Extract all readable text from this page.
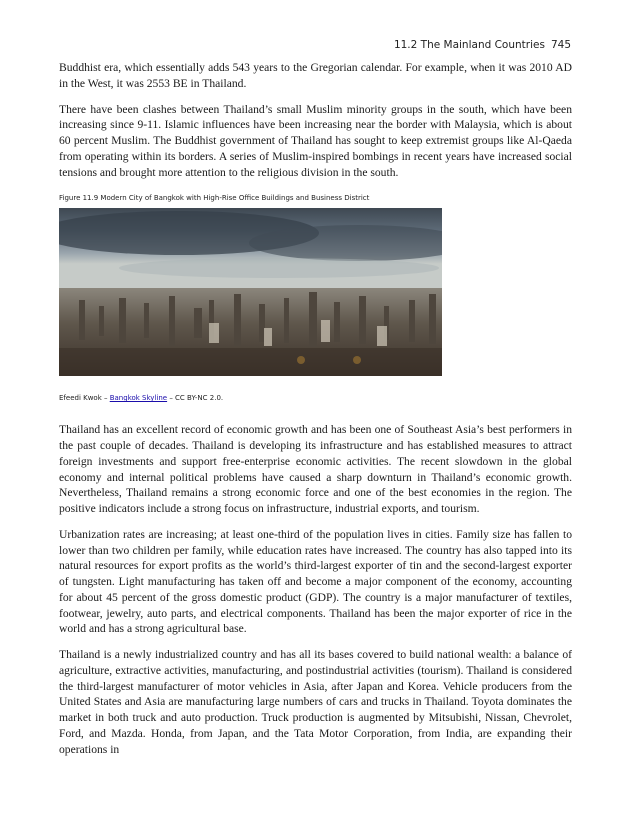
11.2 The Mainland Countries 745

Buddhist era, which essentially adds 543 years to the Gregorian calendar. For example, when it was 2010 AD in the West, it was 2553 BE in Thailand.

There have been clashes between Thailand’s small Muslim minority groups in the south, which have been increasing since 9-11. Islamic influences have been increasing near the border with Malaysia, which is about 60 percent Muslim. The Buddhist government of Thailand has sought to keep extremist groups like Al-Qaeda from operating within its borders. A series of Muslim-inspired bombings in recent years have increased social tensions and brought more attention to the religious division in the south.

Figure 11.9 Modern City of Bangkok with High-Rise Office Buildings and Business District
Efeedi Kwok – Bangkok Skyline – CC BY-NC 2.0.

Thailand has an excellent record of economic growth and has been one of Southeast Asia’s best performers in the past couple of decades. Thailand is developing its infrastructure and has established measures to attract foreign investments and support free-enterprise economic activities. The recent slowdown in the global economy and internal political problems have caused a sharp downturn in Thailand’s economic growth. Nevertheless, Thailand remains a strong economic force and one of the best economies in the region. The positive indicators include a strong focus on infrastructure, industrial exports, and tourism.

Urbanization rates are increasing; at least one-third of the population lives in cities. Family size has fallen to lower than two children per family, while education rates have increased. The country has also tapped into its natural resources for export profits as the world’s third-largest exporter of tin and the second-largest exporter of tungsten. Light manufacturing has taken off and become a major component of the economy, accounting for about 45 percent of the gross domestic product (GDP). The country is a major manufacturer of textiles, footwear, jewelry, auto parts, and electrical components. Thailand has been the major exporter of rice in the world and has a strong agricultural base.

Thailand is a newly industrialized country and has all its bases covered to build national wealth: a balance of agriculture, extractive activities, manufacturing, and postindustrial activities (tourism). Thailand is considered the third-largest manufacturer of motor vehicles in Asia, after Japan and Korea. Vehicle producers from the United States and Asia are manufacturing large numbers of cars and trucks in Thailand. Toyota dominates the market in both truck and auto production. Truck production is augmented by Mitsubishi, Nissan, Chevrolet, Ford, and Mazda. Honda, from Japan, and the Tata Motor Corporation, from India, are expanding their operations in
